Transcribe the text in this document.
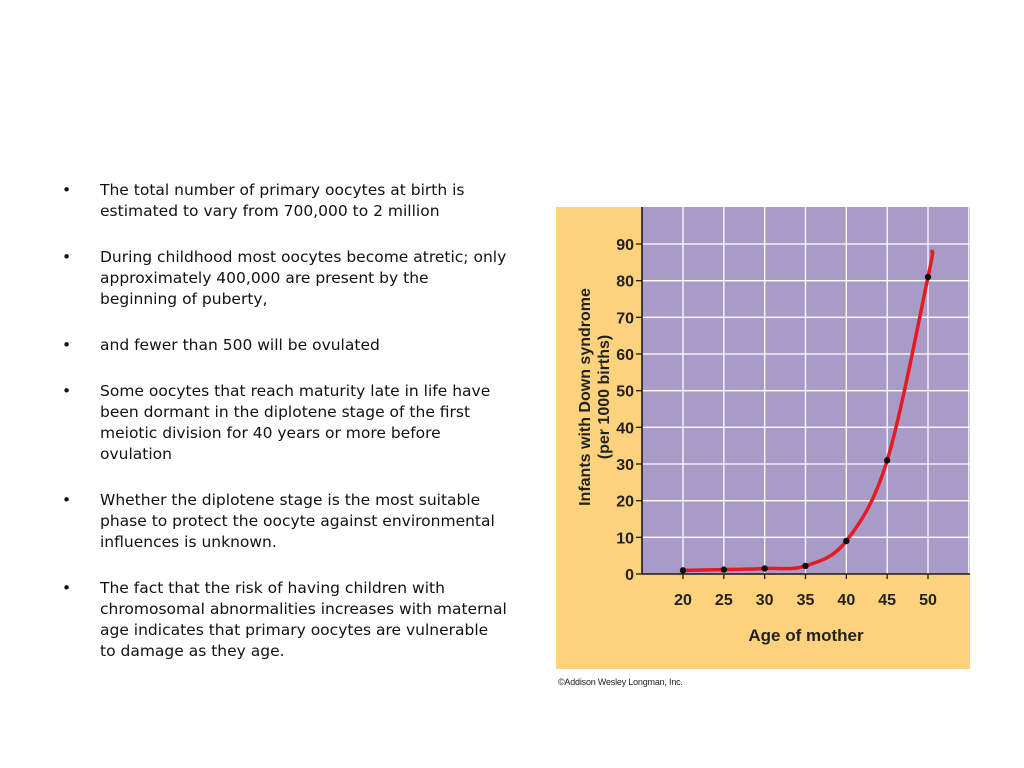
• The total number of primary oocytes at birth is estimated to vary from 700,000 to 2 million
• During childhood most oocytes become atretic; only approximately 400,000 are present by the beginning of puberty,
• and fewer than 500 will be ovulated
• Some oocytes that reach maturity late in life have been dormant in the diplotene stage of the first meiotic division for 40 years or more before ovulation
• Whether the diplotene stage is the most suitable phase to protect the oocyte against environmental influences is unknown.
• The fact that the risk of having children with chromosomal abnormalities increases with maternal age indicates that primary oocytes are vulnerable to damage as they age.
0
10
20
30
40
50
60
70
80
90
20 25 30 35 40 45 50
Age of mother
Infants with Down syndrome (per 1000 births)
©Addison Wesley Longman, Inc.
